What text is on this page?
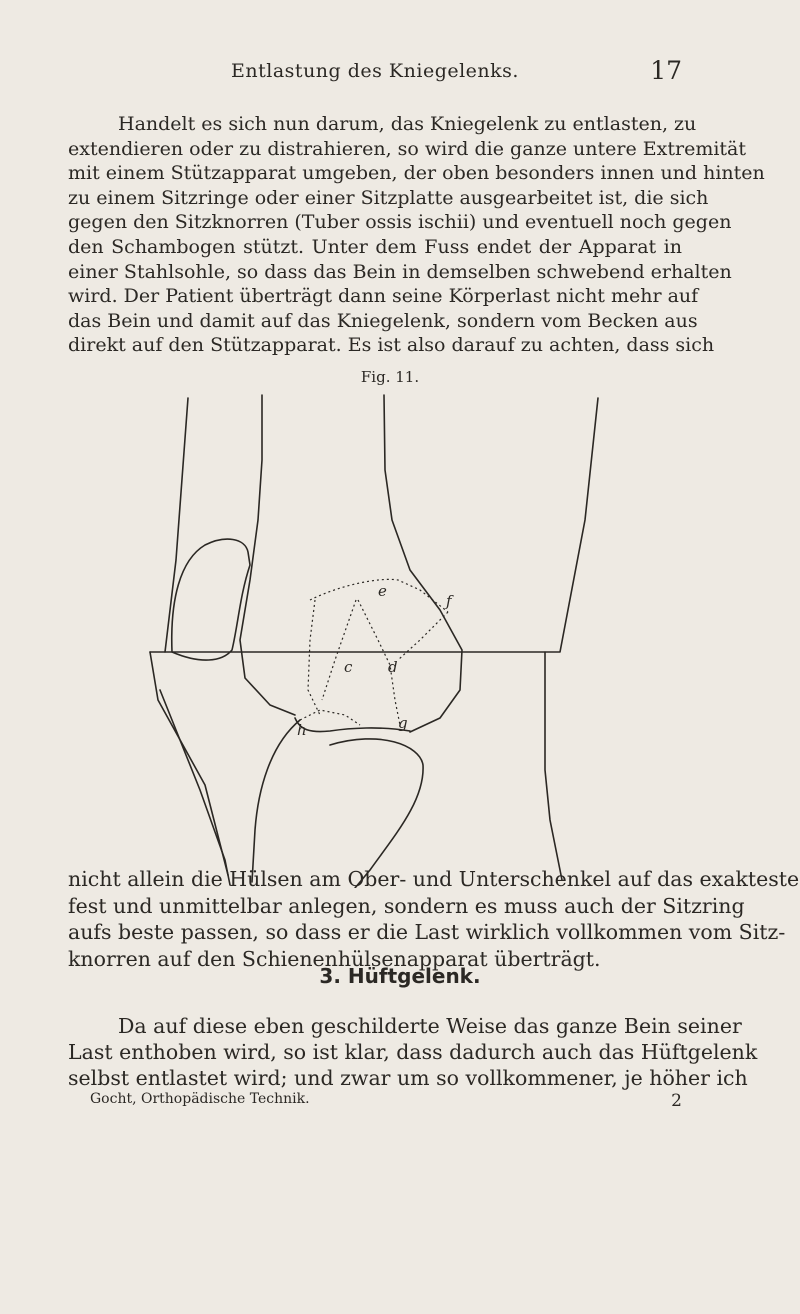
Entlastung des Kniegelenks.	17
Handelt es sich nun darum, das Kniegelenk zu entlasten, zu
extendieren oder zu distrahieren, so wird die ganze untere Extremität
mit einem Stützapparat umgeben, der oben besonders innen und hinten
zu einem Sitzringe oder einer Sitzplatte ausgearbeitet ist, die sich
gegen den Sitzknorren (Tuber ossis ischii) und eventuell noch gegen
den Schambogen stützt. Unter dem Fuss endet der Apparat in
einer Stahlsohle, so dass das Bein in demselben schwebend erhalten
wird. Der Patient überträgt dann seine Körperlast nicht mehr auf
das Bein und damit auf das Kniegelenk, sondern vom Becken aus
direkt auf den Stützapparat. Es ist also darauf zu achten, dass sich
Fig. 11.
e
f
c d
g
h
nicht allein die Hülsen am Ober- und Unterschenkel auf das exakteste
fest und unmittelbar anlegen, sondern es muss auch der Sitzring
aufs beste passen, so dass er die Last wirklich vollkommen vom Sitz-
knorren auf den Schienenhülsenapparat überträgt.
3. Hüftgelenk.
Da auf diese eben geschilderte Weise das ganze Bein seiner
Last enthoben wird, so ist klar, dass dadurch auch das Hüftgelenk
selbst entlastet wird; und zwar um so vollkommener, je höher ich
Gocht, Orthopädische Technik.	2
